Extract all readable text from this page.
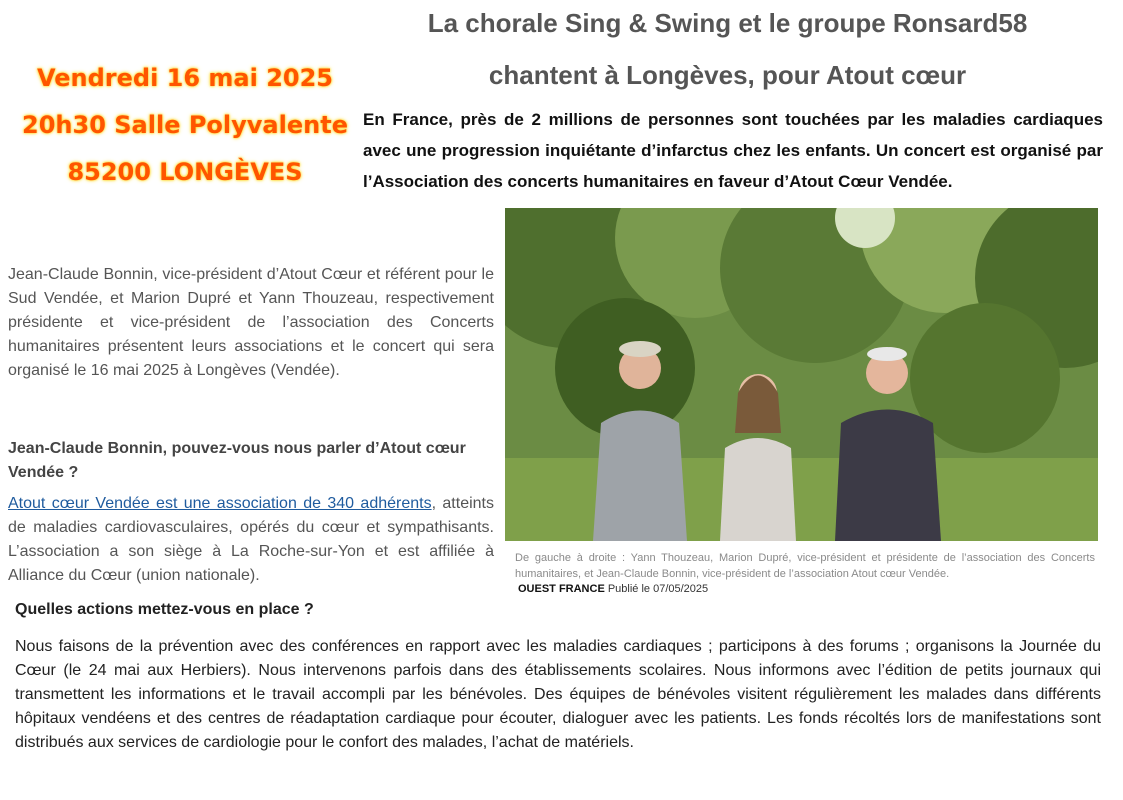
La chorale Sing & Swing et le groupe Ronsard58
chantent à Longèves, pour Atout cœur
Vendredi 16 mai 2025
20h30 Salle Polyvalente
85200 LONGÈVES

En France, près de 2 millions de personnes sont touchées par les maladies cardiaques avec une progression inquiétante d’infarctus chez les enfants. Un concert est organisé par l’Association des concerts humanitaires en faveur d’Atout Cœur Vendée.

De gauche à droite : Yann Thouzeau, Marion Dupré, vice-président et présidente de l’association des Concerts humanitaires, et Jean-Claude Bonnin, vice-président de l’association Atout cœur Vendée.

OUEST FRANCE Publié le 07/05/2025

Jean-Claude Bonnin, vice-président d’Atout Cœur et référent pour le Sud Vendée, et Marion Dupré et Yann Thouzeau, respectivement présidente et vice-président de l’association des Concerts humanitaires présentent leurs associations et le concert qui sera organisé le 16 mai 2025 à Longèves (Vendée).

Jean-Claude Bonnin, pouvez-vous nous parler d’Atout cœur Vendée ?

Atout cœur Vendée est une association de 340 adhérents, atteints de maladies cardiovasculaires, opérés du cœur et sympathisants. L’association a son siège à La Roche-sur-Yon et est affiliée à Alliance du Cœur (union nationale).

Quelles actions mettez-vous en place ?

Nous faisons de la prévention avec des conférences en rapport avec les maladies cardiaques ; participons à des forums ; organisons la Journée du Cœur (le 24 mai aux Herbiers). Nous intervenons parfois dans des établissements scolaires. Nous informons avec l’édition de petits journaux qui transmettent les informations et le travail accompli par les bénévoles. Des équipes de bénévoles visitent régulièrement les malades dans différents hôpitaux vendéens et des centres de réadaptation cardiaque pour écouter, dialoguer avec les patients. Les fonds récoltés lors de manifestations sont distribués aux services de cardiologie pour le confort des malades, l’achat de matériels.
